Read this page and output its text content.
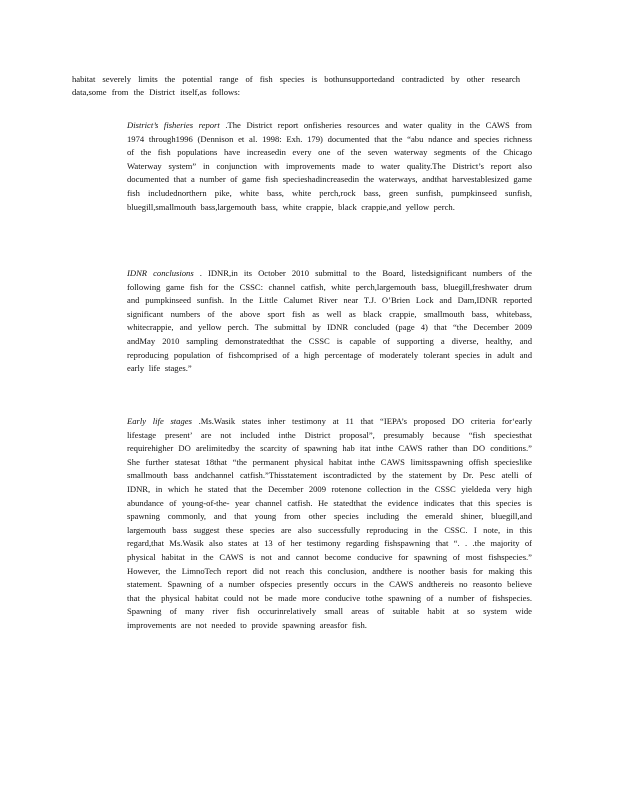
habitat severely limits the potential range of fish species is bothunsupportedand contradicted by other research data,some from the District itself,as follows:
District’s fisheries report .The District report onfisheries resources and water quality in the CAWS from 1974 through1996 (Dennison et al. 1998: Exh. 179) documented that the “abu ndance and species richness of the fish populations have increasedin every one of the seven waterway segments of the Chicago Waterway system” in conjunction with improvements made to water quality.The District’s report also documented that a number of game fish specieshadincreasedin the waterways, andthat harvestablesized game fish includednorthern pike, white bass, white perch,rock bass, green sunfish, pumpkinseed sunfish, bluegill,smallmouth bass,largemouth bass, white crappie, black crappie,and yellow perch.
IDNR conclusions . IDNR,in its October 2010 submittal to the Board, listedsignificant numbers of the following game fish for the CSSC: channel catfish, white perch,largemouth bass, bluegill,freshwater drum and pumpkinseed sunfish. In the Little Calumet River near T.J. O’Brien Lock and Dam,IDNR reported significant numbers of the above sport fish as well as black crappie, smallmouth bass, whitebass, whitecrappie, and yellow perch. The submittal by IDNR concluded (page 4) that “the December 2009 andMay 2010 sampling demonstratedthat the CSSC is capable of supporting a diverse, healthy, and reproducing population of fishcomprised of a high percentage of moderately tolerant species in adult and early life stages.”
Early life stages .Ms.Wasik states inher testimony at 11 that “IEPA’s proposed DO criteria for‘early lifestage present’ are not included inthe District proposal”, presumably because “fish speciesthat requirehigher DO arelimitedby the scarcity of spawning hab itat inthe CAWS rather than DO conditions.” She further statesat 18that “the permanent physical habitat inthe CAWS limitsspawning offish specieslike smallmouth bass andchannel catfish.”Thisstatement iscontradicted by the statement by Dr. Pesc atelli of IDNR, in which he stated that the December 2009 rotenone collection in the CSSC yieldeda very high abundance of young-of-the- year channel catfish. He statedthat the evidence indicates that this species is spawning commonly, and that young from other species including the emerald shiner, bluegill,and largemouth bass suggest these species are also successfully reproducing in the CSSC. I note, in this regard,that Ms.Wasik also states at 13 of her testimony regarding fishspawning that “. . .the majority of physical habitat in the CAWS is not and cannot become conducive for spawning of most fishspecies.” However, the LimnoTech report did not reach this conclusion, andthere is noother basis for making this statement. Spawning of a number ofspecies presently occurs in the CAWS andthereis no reasonto believe that the physical habitat could not be made more conducive tothe spawning of a number of fishspecies. Spawning of many river fish occurinrelatively small areas of suitable habit at so system wide improvements are not needed to provide spawning areasfor fish.
